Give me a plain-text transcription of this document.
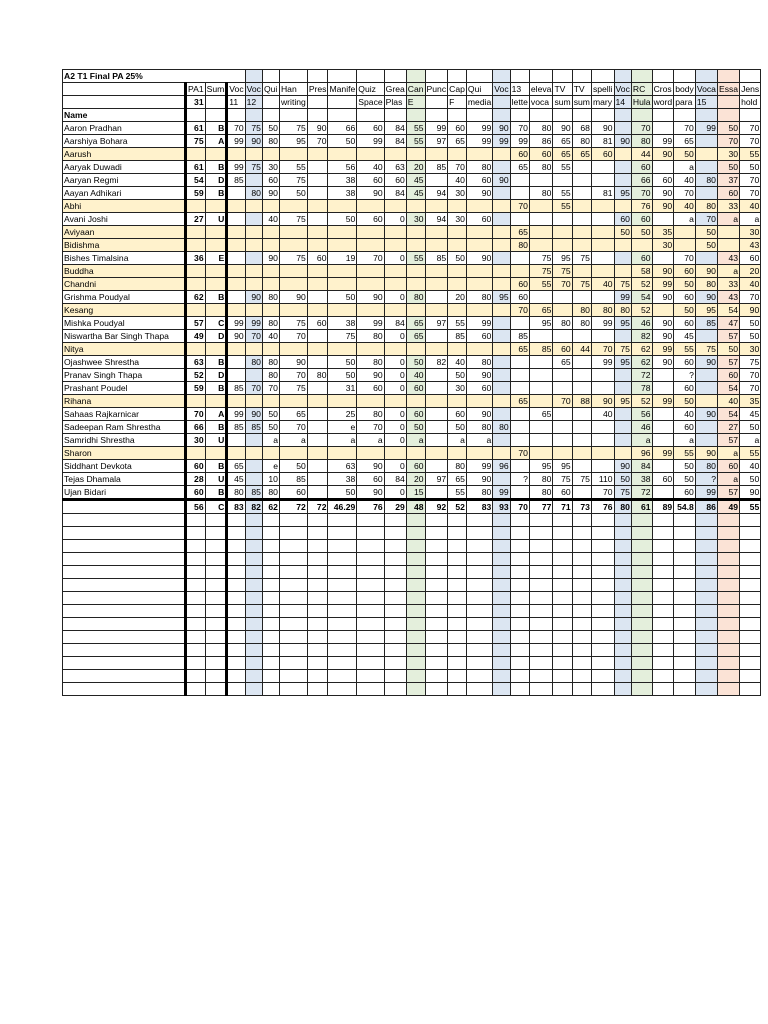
A2 T1 Final PA 25%																											
	PA1	Sum	Voc	Voc	Qui	Han	Pres	Manife	Quiz	Grea	Can	Punc	Cap	Qui	Voc	13	eleva	TV	TV	spelli	Voc	RC	Cros	body	Voca	Essa	Jens
	31		11	12		writing			Space	Plas	E		F	media		lette	voca	sum	sum	mary	14	Hula	word	para	15		hold
Name																											
Aaron Pradhan	61	B	70	75	50	75	90	66	60	84	55	99	60	99	90	70	80	90	68	90		70		70	99	50	70
Aarshiya Bohara	75	A	99	90	80	95	70	50	99	84	55	97	65	99	99	99	86	65	80	81	90	80	99	65		70	70
Aarush																60	60	65	65	60		44	90	50		30	55
Aaryak Duwadi	61	B	99	75	30	55		56	40	63	20	85	70	80		65	80	55				60		a		50	50
Aaryan Regmi	54	D	85		60	75		38	60	60	45		40	60	90							66	60	40	80	37	70
Aayan Adhikari	59	B		80	90	50		38	90	84	45	94	30	90			80	55		81	95	70	90	70		60	70
Abhi																70		55				76	90	40	80	33	40
Avani Joshi	27	U			40	75		50	60	0	30	94	30	60							60	60		a	70	a	a
Aviyaan																65					50	50	35		50		30
Bidishma																80							30		50		43
Bishes Timalsina	36	E			90	75	60	19	70	0	55	85	50	90			75	95	75			60		70		43	60
Buddha																	75	75				58	90	60	90	a	20
Chandni																60	55	70	75	40	75	52	99	50	80	33	40
Grishma Poudyal	62	B		90	80	90		50	90	0	80		20	80	95	60					99	54	90	60	90	43	70
Kesang																70	65		80	80	80	52		50	95	54	90
Mishka Poudyal	57	C	99	99	80	75	60	38	99	84	65	97	55	99			95	80	80	99	95	46	90	60	85	47	50
Niswartha Bar Singh Thapa	49	D	90	70	40	70		75	80	0	65		85	60		85						82	90	45		57	50
Nitya																65	85	60	44	70	75	62	99	55	75	50	30
Ojashwee Shrestha	63	B		80	80	90		50	80	0	50	82	40	80				65		99	95	62	90	60	90	57	75
Pranav Singh Thapa	52	D			80	70	80	50	90	0	40		50	90								72		?		60	70
Prashant Poudel	59	B	85	70	70	75		31	60	0	60		30	60								78		60		54	70
Rihana																65		70	88	90	95	52	99	50		40	35
Sahaas Rajkarnicar	70	A	99	90	50	65		25	80	0	60		60	90			65			40		56		40	90	54	45
Sadeepan Ram Shrestha	66	B	85	85	50	70		e	70	0	50		50	80	80							46		60		27	50
Samridhi Shrestha	30	U			a	a		a	a	0	a		a	a								a		a		57	a
Sharon																70						96	99	55	90	a	55
Siddhant Devkota	60	B	65		e	50		63	90	0	60		80	99	96		95	95			90	84		50	80	60	40
Tejas Dhamala	28	U	45		10	85		38	60	84	20	97	65	90		?	80	75	75	110	50	38	60	50	?	a	50
Ujan Bidari	60	B	80	85	80	60		50	90	0	15		55	80	99		80	60		70	75	72		60	99	57	90
	56	C	83	82	62	72	72	46.29	76	29	48	92	52	83	93	70	77	71	73	76	80	61	89	54.8	86	49	55
